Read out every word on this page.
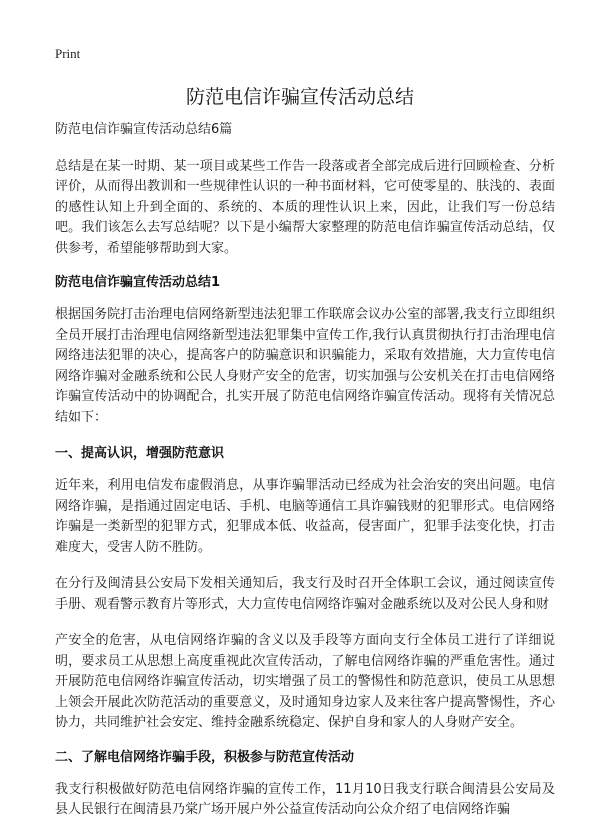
Print
防范电信诈骗宣传活动总结

防范电信诈骗宣传活动总结6篇

总结是在某一时期、某一项目或某些工作告一段落或者全部完成后进行回顾检查、分析评价，从而得出教训和一些规律性认识的一种书面材料，它可使零星的、肤浅的、表面的感性认知上升到全面的、系统的、本质的理性认识上来，因此，让我们写一份总结吧。我们该怎么去写总结呢？以下是小编帮大家整理的防范电信诈骗宣传活动总结，仅供参考，希望能够帮助到大家。

防范电信诈骗宣传活动总结1

根据国务院打击治理电信网络新型违法犯罪工作联席会议办公室的部署,我支行立即组织全员开展打击治理电信网络新型违法犯罪集中宣传工作,我行认真贯彻执行打击治理电信网络违法犯罪的决心，提高客户的防骗意识和识骗能力，采取有效措施，大力宣传电信网络诈骗对金融系统和公民人身财产安全的危害，切实加强与公安机关在打击电信网络诈骗宣传活动中的协调配合，扎实开展了防范电信网络诈骗宣传活动。现将有关情况总结如下：

一、提高认识，增强防范意识

近年来，利用电信发布虚假消息，从事诈骗罪活动已经成为社会治安的突出问题。电信网络诈骗，是指通过固定电话、手机、电脑等通信工具诈骗钱财的犯罪形式。电信网络诈骗是一类新型的犯罪方式，犯罪成本低、收益高，侵害面广，犯罪手法变化快，打击难度大，受害人防不胜防。

在分行及闽清县公安局下发相关通知后，我支行及时召开全体职工会议，通过阅读宣传手册、观看警示教育片等形式，大力宣传电信网络诈骗对金融系统以及对公民人身和财

产安全的危害，从电信网络诈骗的含义以及手段等方面向支行全体员工进行了详细说明，要求员工从思想上高度重视此次宣传活动，了解电信网络诈骗的严重危害性。通过开展防范电信网络诈骗宣传活动，切实增强了员工的警惕性和防范意识，使员工从思想上领会开展此次防范活动的重要意义，及时通知身边家人及来往客户提高警惕性，齐心协力，共同维护社会安定、维持金融系统稳定、保护自身和家人的人身财产安全。

二、了解电信网络诈骗手段，积极参与防范宣传活动

我支行积极做好防范电信网络诈骗的宣传工作，11月10日我支行联合闽清县公安局及县人民银行在闽清县乃棠广场开展户外公益宣传活动向公众介绍了电信网络诈骗
